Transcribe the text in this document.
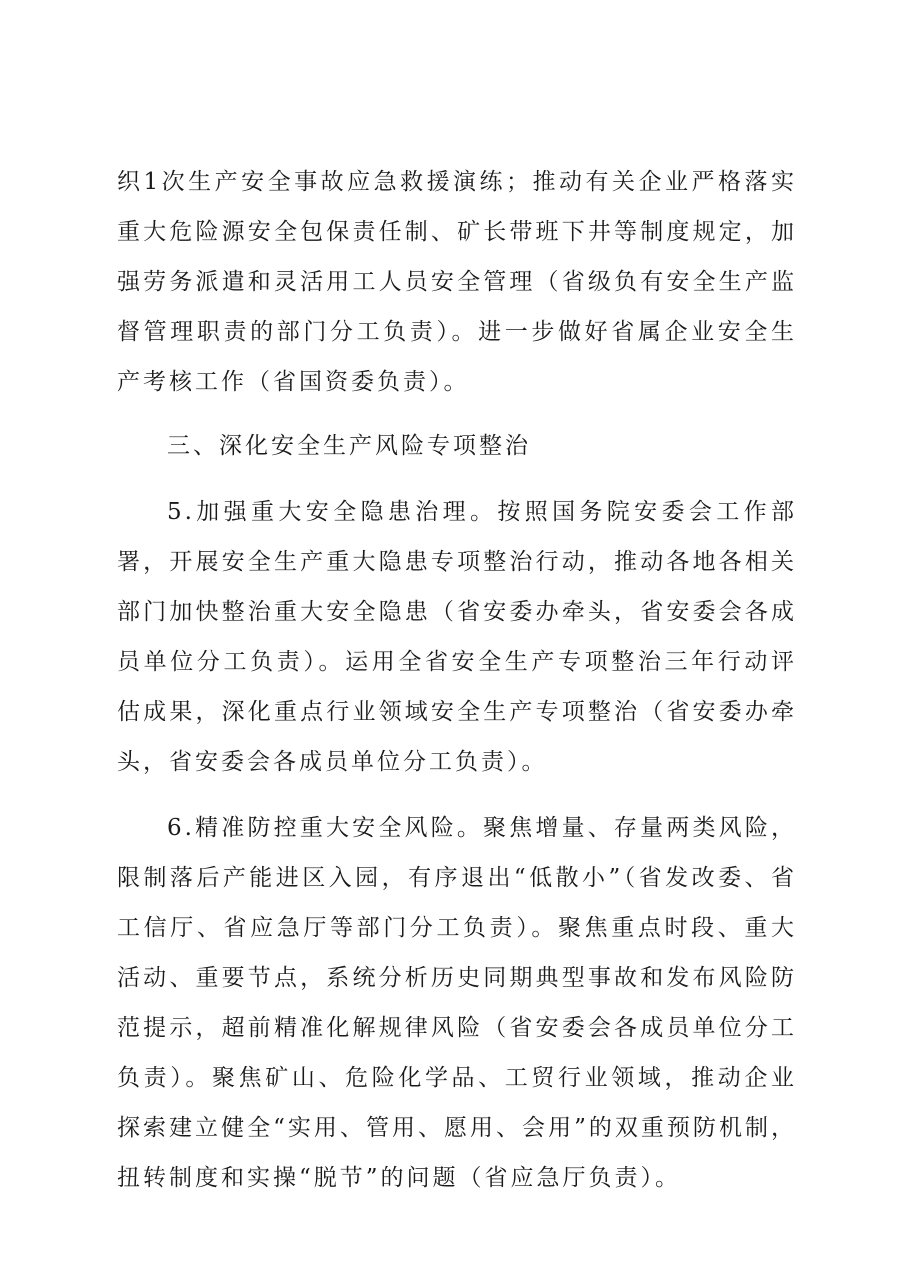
织1次生产安全事故应急救援演练；推动有关企业严格落实重大危险源安全包保责任制、矿长带班下井等制度规定，加强劳务派遣和灵活用工人员安全管理（省级负有安全生产监督管理职责的部门分工负责）。进一步做好省属企业安全生产考核工作（省国资委负责）。

三、深化安全生产风险专项整治

5.加强重大安全隐患治理。按照国务院安委会工作部署，开展安全生产重大隐患专项整治行动，推动各地各相关部门加快整治重大安全隐患（省安委办牵头，省安委会各成员单位分工负责）。运用全省安全生产专项整治三年行动评估成果，深化重点行业领域安全生产专项整治（省安委办牵头，省安委会各成员单位分工负责）。

6.精准防控重大安全风险。聚焦增量、存量两类风险，限制落后产能进区入园，有序退出“低散小”（省发改委、省工信厅、省应急厅等部门分工负责）。聚焦重点时段、重大活动、重要节点，系统分析历史同期典型事故和发布风险防范提示，超前精准化解规律风险（省安委会各成员单位分工负责）。聚焦矿山、危险化学品、工贸行业领域，推动企业探索建立健全“实用、管用、愿用、会用”的双重预防机制，扭转制度和实操“脱节”的问题（省应急厅负责）。
